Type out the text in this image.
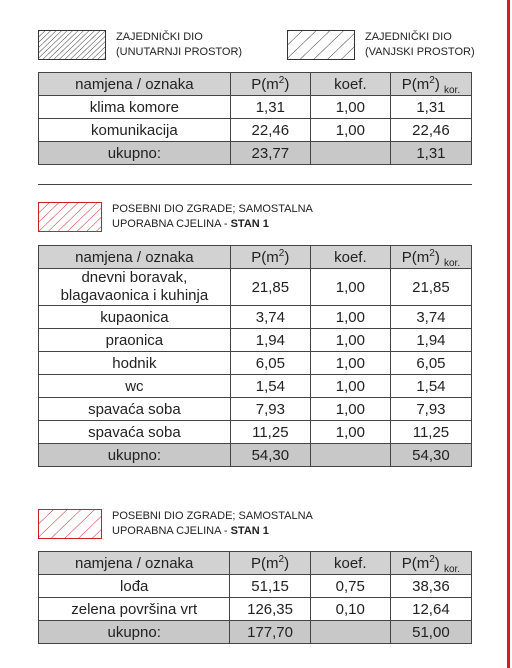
ZAJEDNIČKI DIO
(UNUTARNJI PROSTOR)
ZAJEDNIČKI DIO
(VANJSKI PROSTOR)
namjena / oznaka	$P(m^2)$	koef.	$P(m^2)$ $_{kor.}$
klima komore	1,31	1,00	1,31
komunikacija	22,46	1,00	22,46
ukupno:	23,77		1,31
POSEBNI DIO ZGRADE; SAMOSTALNA
UPORABNA CJELINA - STAN 1
namjena / oznaka	$P(m^2)$	koef.	$P(m^2)$ $_{kor.}$

dnevni boravak,
blagavaonica i kuhinja	21,85	1,00	21,85
kupaonica	3,74	1,00	3,74
praonica	1,94	1,00	1,94
hodnik	6,05	1,00	6,05
wc	1,54	1,00	1,54
spavaća soba	7,93	1,00	7,93
spavaća soba	11,25	1,00	11,25
ukupno:	54,30		54,30
POSEBNI DIO ZGRADE; SAMOSTALNA
UPORABNA CJELINA - STAN 1
namjena / oznaka	$P(m^2)$	koef.	$P(m^2)$ $_{kor.}$
lođa	51,15	0,75	38,36
zelena površina vrt	126,35	0,10	12,64
ukupno:	177,70		51,00
